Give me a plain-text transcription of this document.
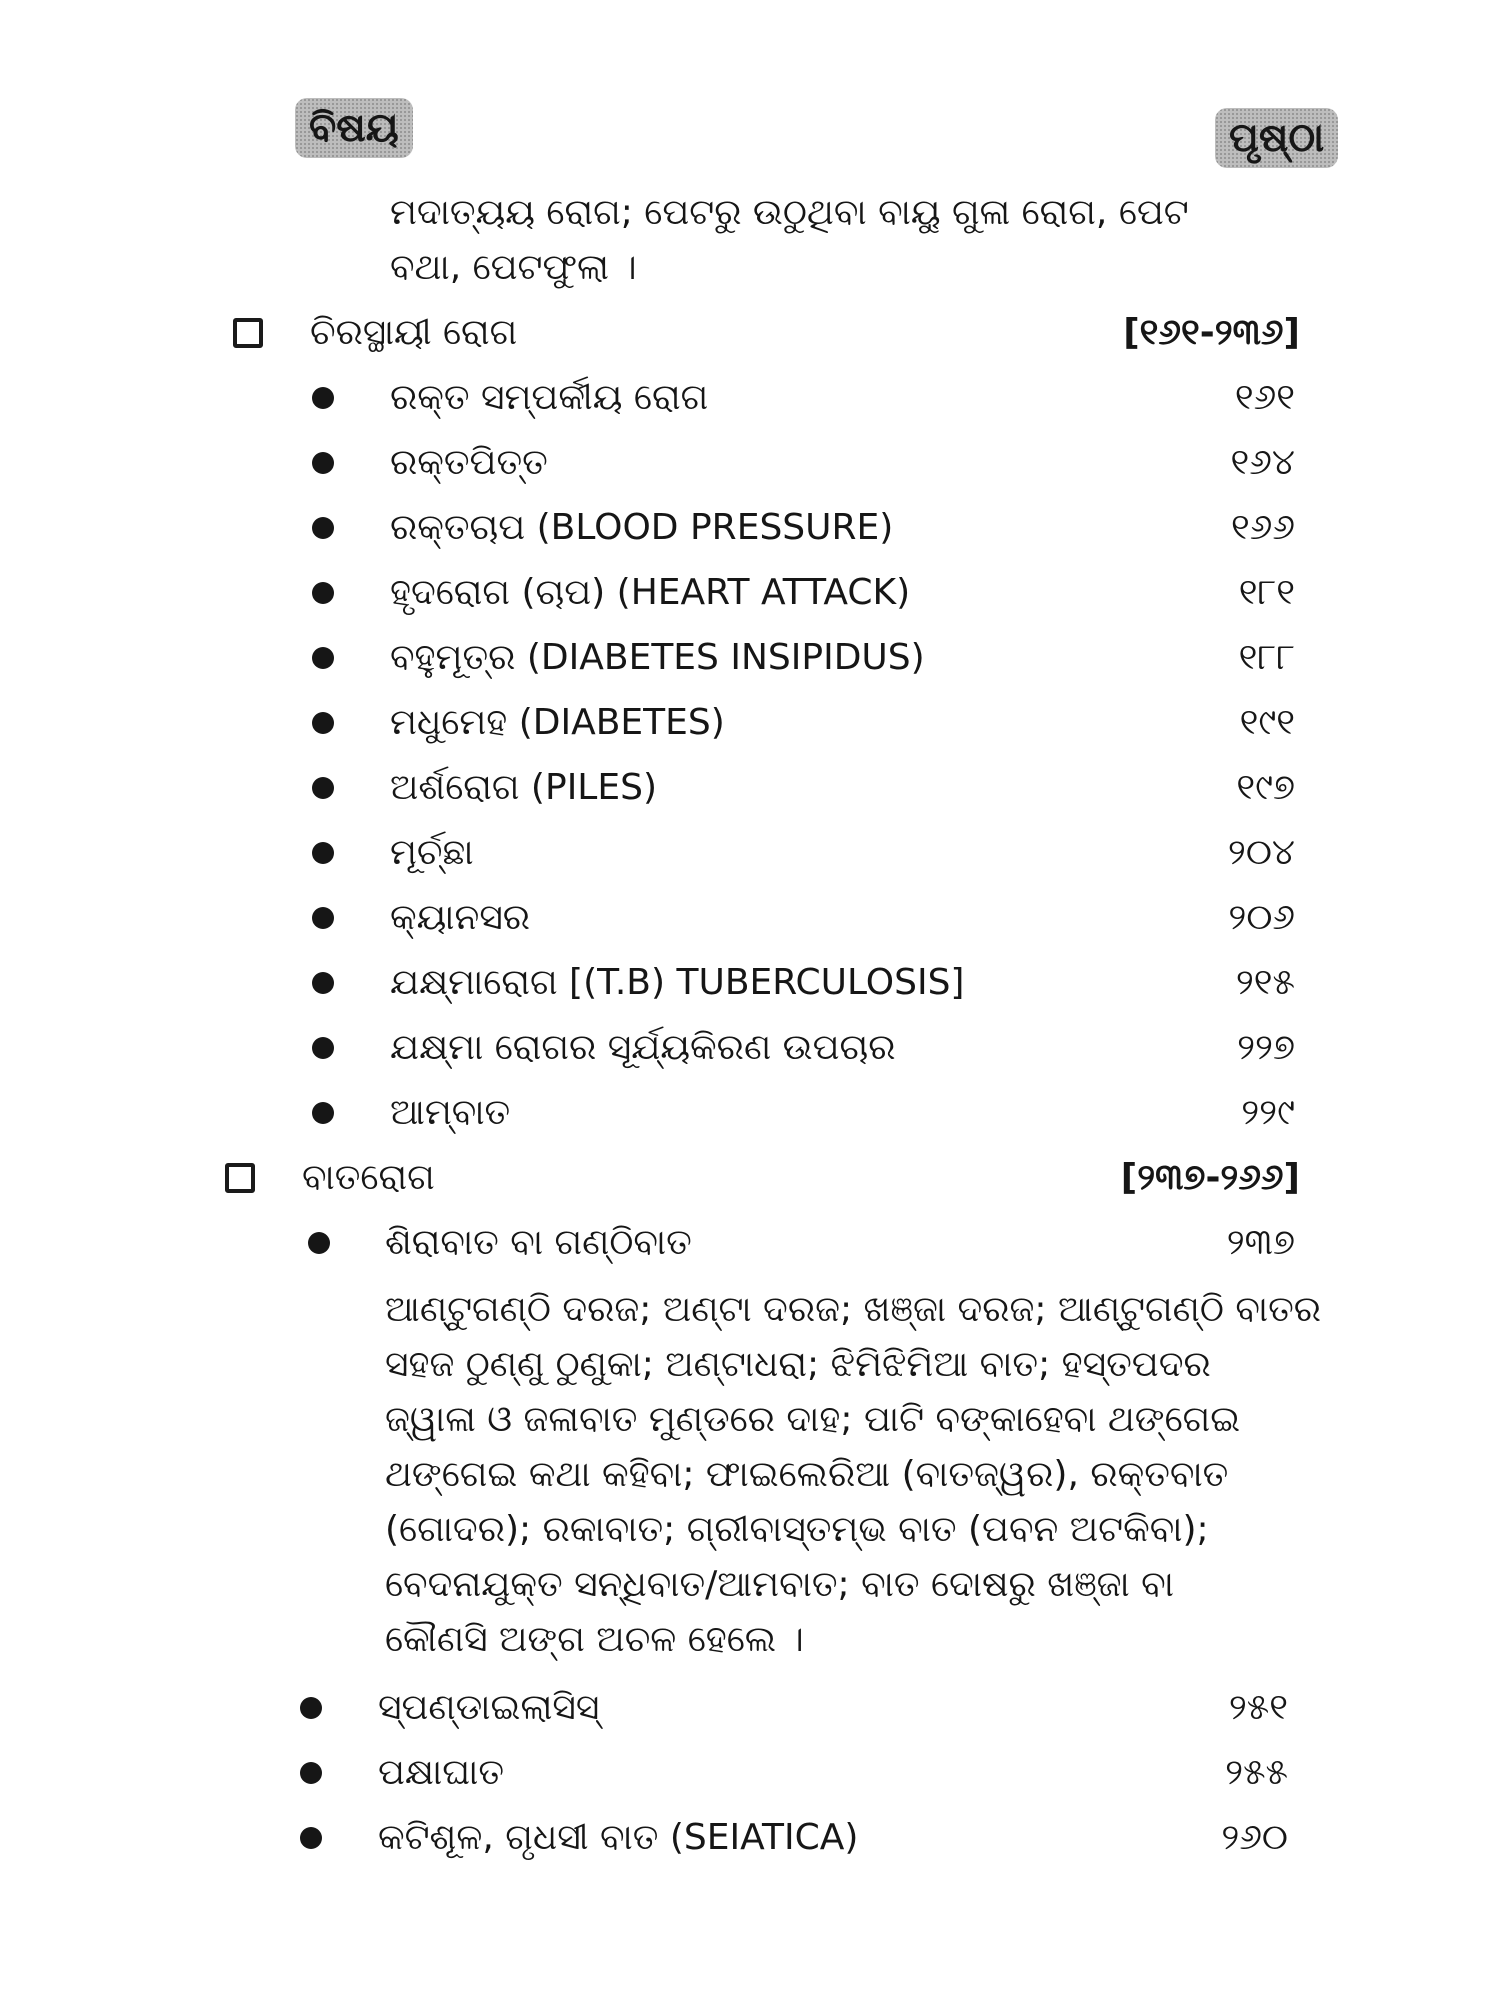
ବିଷୟ	ପୃଷ୍ଠା
ମଦାତ୍ୟୟ ରୋଗ; ପେଟରୁ ଉଠୁଥିବା ବାୟୁ ଗୁଳା ରୋଗ, ପେଟ
ବଥା, ପେଟଫୁଲା ।
ଚିରସ୍ଥାୟୀ ରୋଗ	[୧୬୧-୨୩୬]
ରକ୍ତ ସମ୍ପର୍କୀୟ ରୋଗ	୧୬୧
ରକ୍ତପିତ୍ତ	୧୬୪
ରକ୍ତଚାପ (BLOOD PRESSURE)	୧୬୬
ହୃଦରୋଗ (ଚାପ) (HEART ATTACK)	୧୮୧
ବହୁମୂତ୍ର (DIABETES INSIPIDUS)	୧୮୮
ମଧୁମେହ (DIABETES)	୧୯୧
ଅର୍ଶରୋଗ (PILES)	୧୯୭
ମୂର୍ଚ୍ଛା	୨୦୪
କ୍ୟାନସର	୨୦୬
ଯକ୍ଷ୍ମାରୋଗ [(T.B) TUBERCULOSIS]	୨୧୫
ଯକ୍ଷ୍ମା ରୋଗର ସୂର୍ଯ୍ୟକିରଣ ଉପଚାର	୨୨୭
ଆମ୍ବାତ	୨୨୯
ବାତରୋଗ	[୨୩୭-୨୬୬]
ଶିରାବାତ ବା ଗଣ୍ଠିବାତ	୨୩୭
ଆଣ୍ଟୁଗଣ୍ଠି ଦରଜ; ଅଣ୍ଟା ଦରଜ; ଖଞ୍ଜା ଦରଜ; ଆଣ୍ଟୁଗଣ୍ଠି ବାତର
ସହଜ ଠୁଣ୍ଣୁ ଠୁଣୁକା; ଅଣ୍ଟାଧରା; ଝିମିଝିମିଆ ବାତ; ହସ୍ତପଦର
ଜ୍ୱାଳା ଓ ଜଳାବାତ ମୁଣ୍ଡରେ ଦାହ; ପାଟି ବଙ୍କାହେବା ଥଙ୍ଗେଇ
ଥଙ୍ଗେଇ କଥା କହିବା; ଫାଇଲେରିଆ (ବାତଜ୍ୱର), ରକ୍ତବାତ
(ଗୋଦର); ରକାବାତ; ଗ୍ରୀବାସ୍ତମ୍ଭ ବାତ (ପବନ ଅଟକିବା);
ବେଦନାଯୁକ୍ତ ସନ୍ଧିବାତ/ଆମବାତ; ବାତ ଦୋଷରୁ ଖଞ୍ଜା ବା
କୌଣସି ଅଙ୍ଗ ଅଚଳ ହେଲେ ।
ସ୍ପଣ୍ଡାଇଲାସିସ୍	୨୫୧
ପକ୍ଷାଘାତ	୨୫୫
କଟିଶୂଳ, ଗୃଧସୀ ବାତ (SEIATICA)	୨୬୦
